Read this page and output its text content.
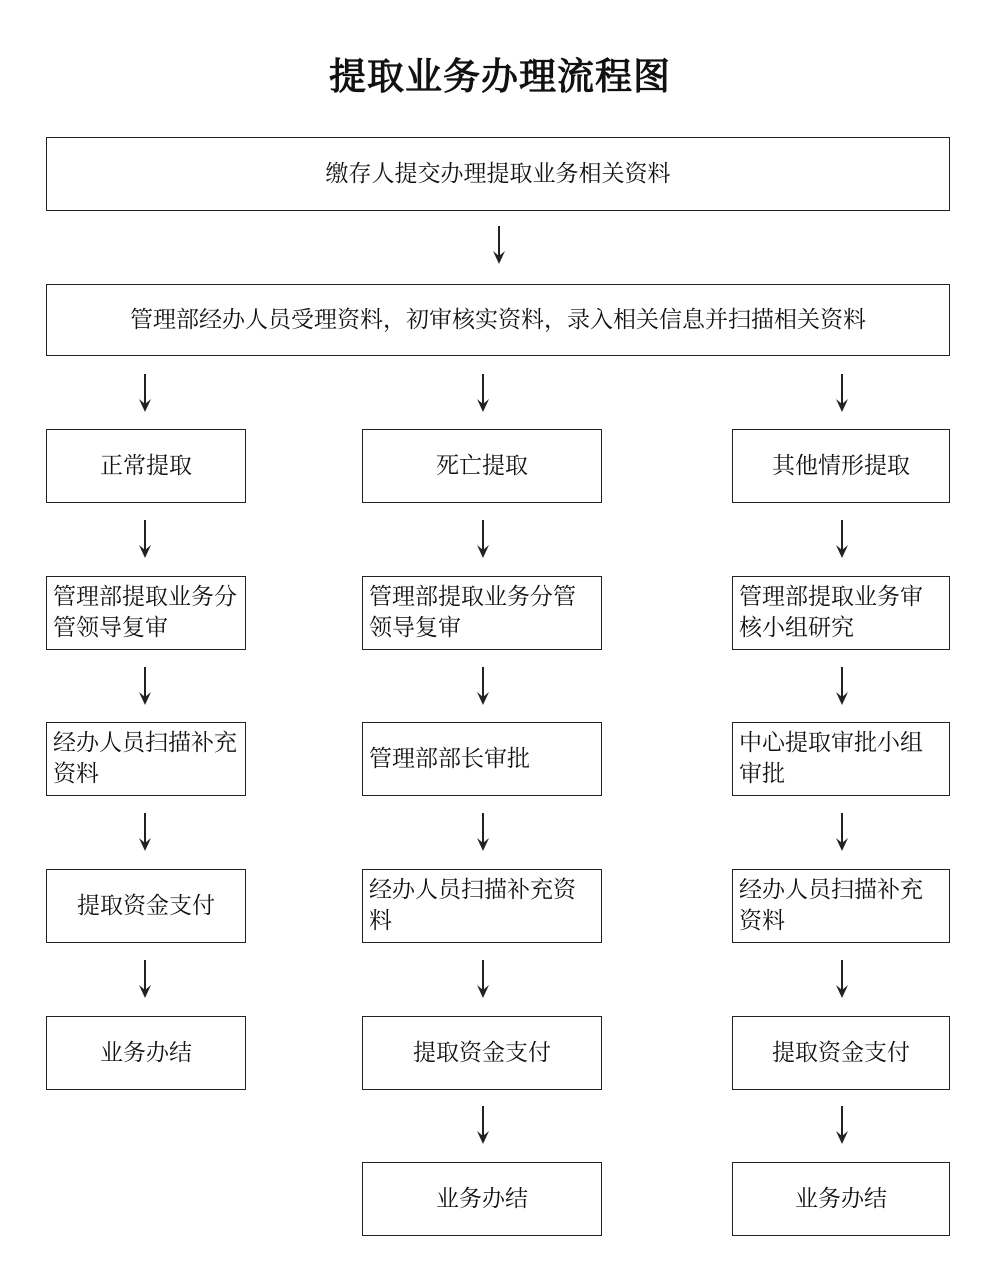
提取业务办理流程图
缴存人提交办理提取业务相关资料
管理部经办人员受理资料，初审核实资料，录入相关信息并扫描相关资料
正常提取
管理部提取业务分管领导复审
经办人员扫描补充资料
提取资金支付
业务办结
死亡提取
管理部提取业务分管领导复审
管理部部长审批
经办人员扫描补充资料
提取资金支付
业务办结
其他情形提取
管理部提取业务审核小组研究
中心提取审批小组审批
经办人员扫描补充资料
提取资金支付
业务办结
